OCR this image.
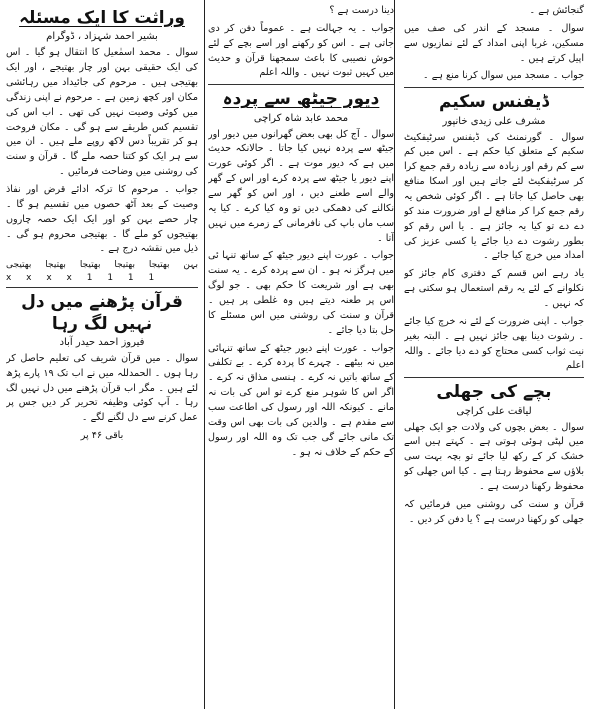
گنجائش ہے ۔

سوال ۔ مسجد کے اندر کی صف میں مسکین، غربا اپنی امداد کے لئے نمازیوں سے اپیل کرتے ہیں ۔

جواب ۔ مسجد میں سوال کرنا منع ہے ۔

ڈیفنس سکیم
مشرف علی زیدی خانپور

سوال ۔ گورنمنٹ کی ڈیفنس سرٹیفکیٹ سکیم کے متعلق کیا حکم ہے ۔ اس میں کم سے کم رقم اور زیادہ سے زیادہ رقم جمع کرا کر سرٹیفکیٹ لئے جاتے ہیں اور اسکا منافع بھی حاصل کیا جاتا ہے ۔ اگر کوئی شخص یہ رقم جمع کرا کر منافع لے اور ضرورت مند کو دے دے تو کیا یہ جائز ہے ۔ یا اس رقم کو بطور رشوت دے دیا جائے یا کسی عزیز کی امداد میں خرچ کیا جائے ۔

یاد رہے اس قسم کے دفتری کام جائز کو نکلوانے کے لئے یہ رقم استعمال ہو سکتی ہے کہ نہیں ۔

جواب ۔ اپنی ضرورت کے لئے نہ خرچ کیا جائے ۔ رشوت دینا بھی جائز نہیں ہے ۔ البتہ بغیر نیت ثواب کسی محتاج کو دے دیا جائے ۔ واللہ اعلم

بچے کی جھلی
لیاقت علی کراچی

سوال ۔ بعض بچوں کی ولادت جو ایک جھلی میں لپٹی ہوئی ہوتی ہے ۔ کہتے ہیں اسے خشک کر کے رکھ لیا جائے تو بچہ بہت سی بلاؤں سے محفوظ رہتا ہے ۔ کیا اس جھلی کو محفوظ رکھنا درست ہے ۔

قرآن و سنت کی روشنی میں فرمائیں کہ جھلی کو رکھنا درست ہے ؟ یا دفن کر دیں ۔

دینا درست ہے ؟

جواب ۔ یہ جہالت ہے ۔ عموماً دفن کر دی جاتی ہے ۔ اس کو رکھنے اور اسے بچے کے لئے خوش نصیبی کا باعث سمجھنا قرآن و حدیث میں کہیں ثبوت نہیں ۔ واللہ اعلم

دیور جیٹھ سے پردہ
محمد عابد شاہ کراچی

سوال ۔ آج کل بھی بعض گھرانوں میں دیور اور جیٹھ سے پردہ نہیں کیا جاتا ۔ حالانکہ حدیث میں ہے کہ دیور موت ہے ۔ اگر کوئی عورت اپنے دیور یا جیٹھ سے پردہ کرے اور اس کے گھر والے اسے طعنے دیں ، اور اس کو گھر سے نکالنے کی دھمکی دیں تو وہ کیا کرے ۔ کیا یہ سب ماں باپ کی نافرمانی کے زمرے میں نہیں آتا ۔

جواب ۔ عورت اپنے دیور جیٹھ کے ساتھ تنہا ئی میں ہرگز نہ ہو ۔ ان سے پردہ کرے ۔ یہ سنت بھی ہے اور شریعت کا حکم بھی ۔ جو لوگ اس پر طعنہ دیتے ہیں وہ غلطی پر ہیں ۔ قرآن و سنت کی روشنی میں اس مسئلے کا حل بتا دیا جائے ۔

جواب ۔ عورت اپنے دیور جیٹھ کے ساتھ تنہائی میں نہ بیٹھے ۔ چہرے کا پردہ کرے ۔ بے تکلفی کے ساتھ باتیں نہ کرے ۔ ہنسی مذاق نہ کرے ۔ اگر اس کا شوہر منع کرے تو اس کی بات نہ مانے ۔ کیونکہ اللہ اور رسول کی اطاعت سب سے مقدم ہے ۔ والدین کی بات بھی اس وقت تک مانی جائے گی جب تک وہ اللہ اور رسول کے حکم کے خلاف نہ ہو ۔

وراثت کا ایک مسئلہ
بشیر احمد شہزاد ، ڈوگرام

سوال ۔ محمد اسمٰعیل کا انتقال ہو گیا ۔ اس کی ایک حقیقی بہن اور چار بھتیجے ، اور ایک بھتیجی ہیں ۔ مرحوم کی جائیداد میں رہائشی مکان اور کچھ زمین ہے ۔ مرحوم نے اپنی زندگی میں کوئی وصیت نہیں کی تھی ۔ اب اس کی تقسیم کس طریقے سے ہو گی ۔ مکان فروخت ہو کر تقریباً دس لاکھ روپے ملے ہیں ۔ ان میں سے ہر ایک کو کتنا حصہ ملے گا ۔ قرآن و سنت کی روشنی میں وضاحت فرمائیں ۔

جواب ۔ مرحوم کا ترکہ ادائے قرض اور نفاذ وصیت کے بعد آٹھ حصوں میں تقسیم ہو گا ۔ چار حصے بہن کو اور ایک ایک حصہ چاروں بھتیجوں کو ملے گا ۔ بھتیجی محروم ہو گی ۔ ذیل میں نقشہ درج ہے ۔

بہن
بھتیجا
بھتیجا
بھتیجا
بھتیجا
بھتیجی
x x x x 1 1 1 1
قرآن پڑھنے میں دل نہیں لگ رہا
فیروز احمد حیدر آباد

سوال ۔ میں قرآن شریف کی تعلیم حاصل کر رہا ہوں ۔ الحمدللہ میں نے اب تک ۱۹ پارے پڑھ لئے ہیں ۔ مگر اب قرآن پڑھنے میں دل نہیں لگ رہا ۔ آپ کوئی وظیفہ تحریر کر دیں جس پر عمل کرنے سے دل لگنے لگے ۔

باقی ۴۶ پر
